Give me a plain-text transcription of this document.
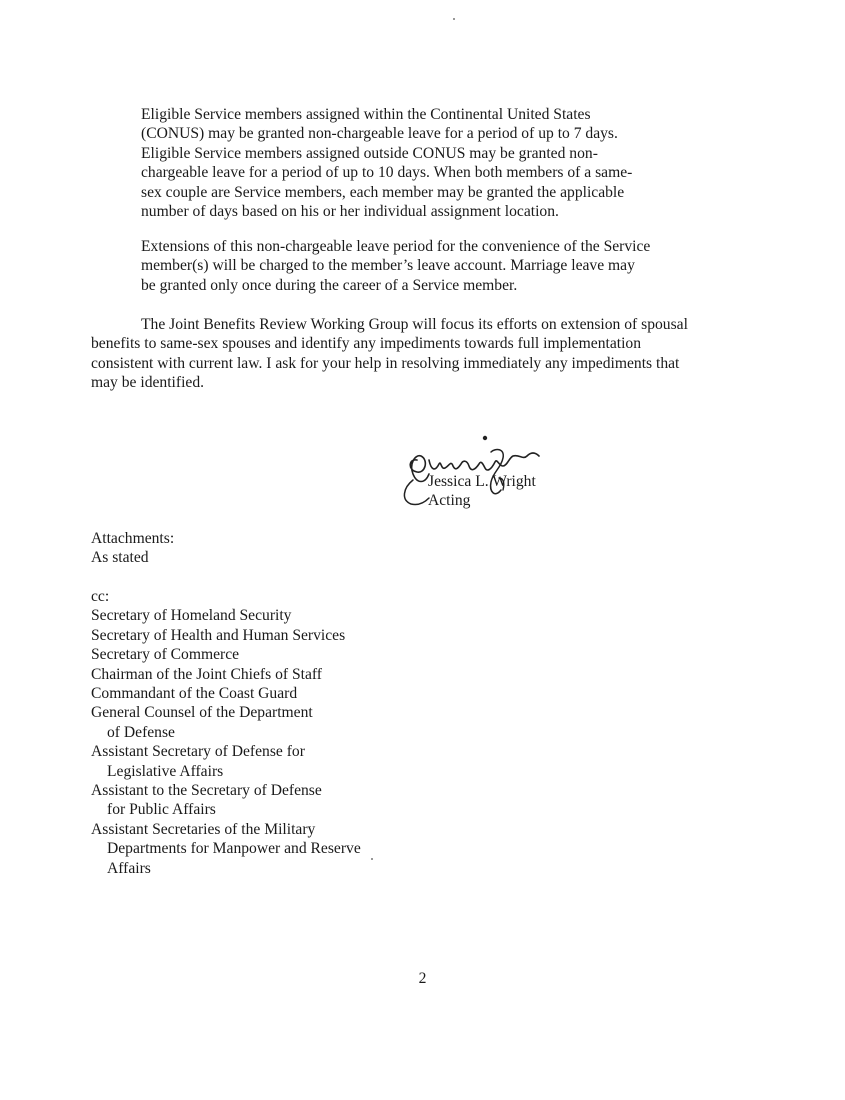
Eligible Service members assigned within the Continental United States
(CONUS) may be granted non-chargeable leave for a period of up to 7 days.
Eligible Service members assigned outside CONUS may be granted non-
chargeable leave for a period of up to 10 days. When both members of a same-
sex couple are Service members, each member may be granted the applicable
number of days based on his or her individual assignment location.
Extensions of this non-chargeable leave period for the convenience of the Service
member(s) will be charged to the member’s leave account. Marriage leave may
be granted only once during the career of a Service member.
The Joint Benefits Review Working Group will focus its efforts on extension of spousal
benefits to same-sex spouses and identify any impediments towards full implementation
consistent with current law. I ask for your help in resolving immediately any impediments that
may be identified.
Jessica L. Wright
Acting
Attachments:
As stated
cc:
Secretary of Homeland Security
Secretary of Health and Human Services
Secretary of Commerce
Chairman of the Joint Chiefs of Staff
Commandant of the Coast Guard
General Counsel of the Department
of Defense
Assistant Secretary of Defense for
Legislative Affairs
Assistant to the Secretary of Defense
for Public Affairs
Assistant Secretaries of the Military
Departments for Manpower and Reserve
Affairs
2
